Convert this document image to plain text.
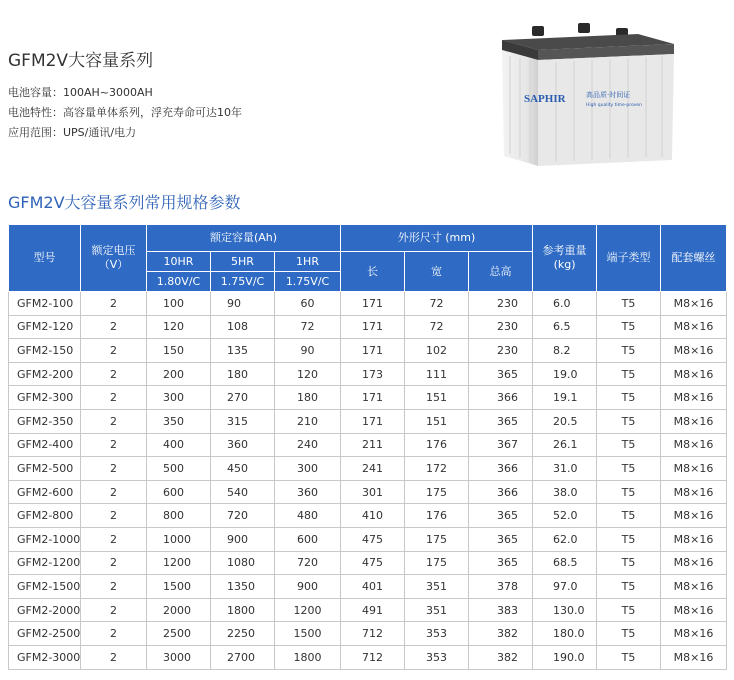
GFM2V大容量系列
电池容量：100AH~3000AH
电池特性：高容量单体系列，浮充寿命可达10年
应用范围：UPS/通讯/电力
SAPHIR	高品质·时间证
High quality time-proven
GFM2V大容量系列常用规格参数
型号	额定电压（V）	额定容量(Ah)			外形尺寸 (mm)			参考重量(kg)	端子类型	配套螺丝
		10HR	5HR	1HR	长	宽	总高			
		1.80V/C	1.75V/C	1.75V/C						
GFM2-100	2	100	90	60	171	72	230	6.0	T5	M8×16
GFM2-120	2	120	108	72	171	72	230	6.5	T5	M8×16
GFM2-150	2	150	135	90	171	102	230	8.2	T5	M8×16
GFM2-200	2	200	180	120	173	111	365	19.0	T5	M8×16
GFM2-300	2	300	270	180	171	151	366	19.1	T5	M8×16
GFM2-350	2	350	315	210	171	151	365	20.5	T5	M8×16
GFM2-400	2	400	360	240	211	176	367	26.1	T5	M8×16
GFM2-500	2	500	450	300	241	172	366	31.0	T5	M8×16
GFM2-600	2	600	540	360	301	175	366	38.0	T5	M8×16
GFM2-800	2	800	720	480	410	176	365	52.0	T5	M8×16
GFM2-1000	2	1000	900	600	475	175	365	62.0	T5	M8×16
GFM2-1200	2	1200	1080	720	475	175	365	68.5	T5	M8×16
GFM2-1500	2	1500	1350	900	401	351	378	97.0	T5	M8×16
GFM2-2000	2	2000	1800	1200	491	351	383	130.0	T5	M8×16
GFM2-2500	2	2500	2250	1500	712	353	382	180.0	T5	M8×16
GFM2-3000	2	3000	2700	1800	712	353	382	190.0	T5	M8×16
